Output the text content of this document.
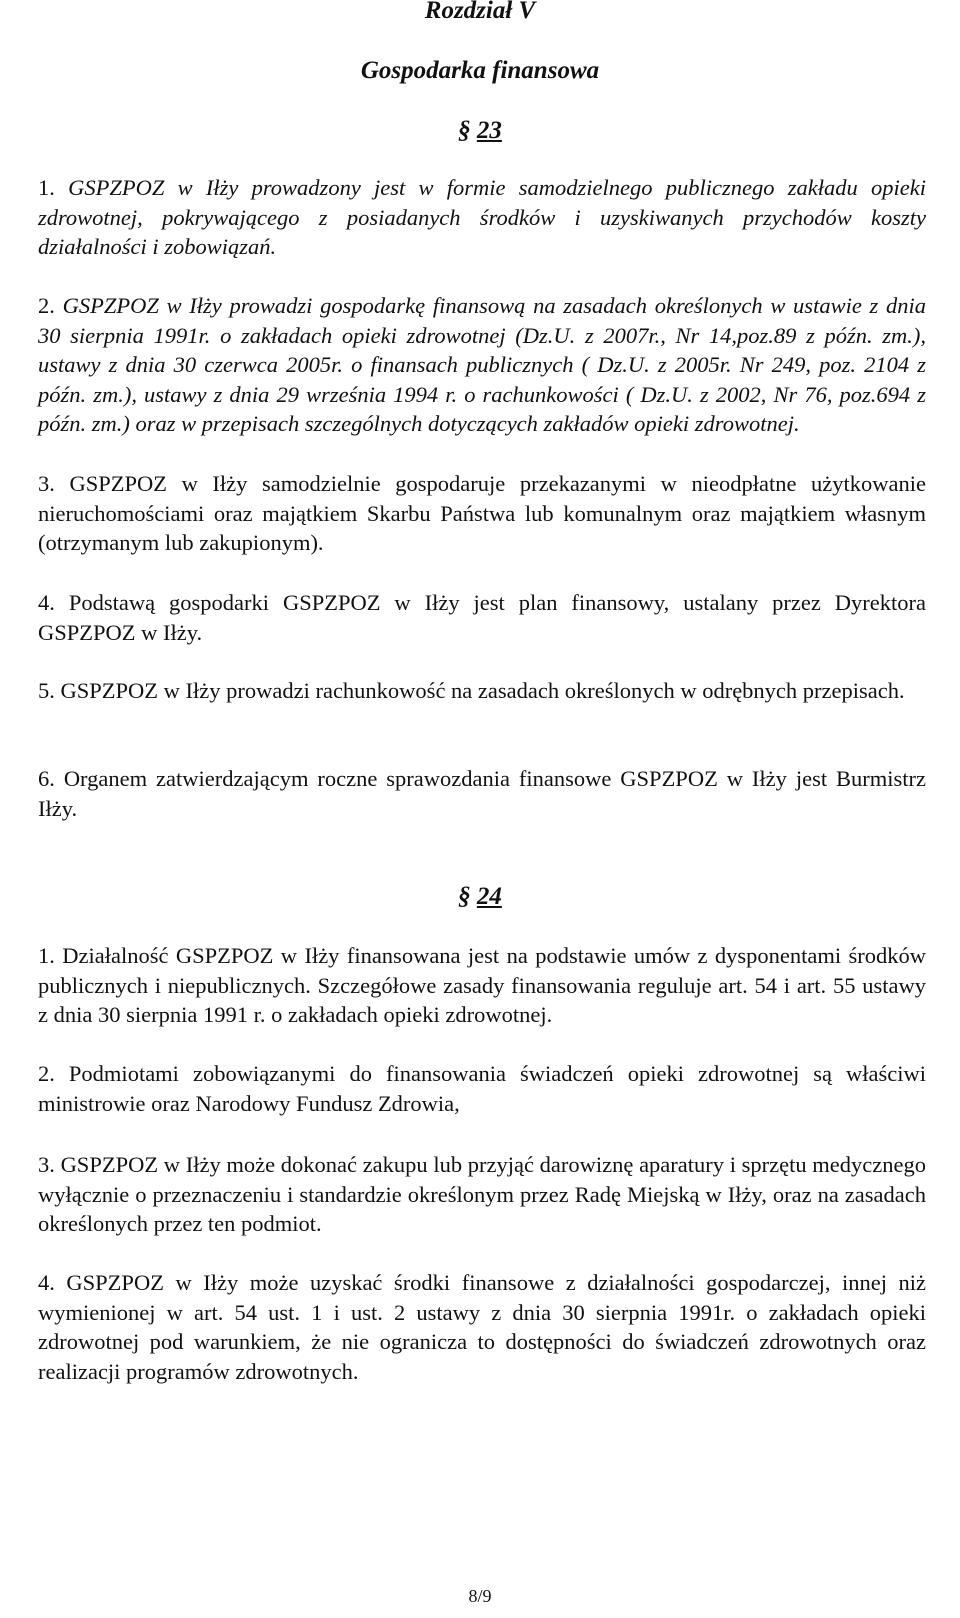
Rozdział V
Gospodarka finansowa
§ 23
1. GSPZPOZ w Iłży prowadzony jest w formie samodzielnego publicznego zakładu opieki zdrowotnej, pokrywającego z posiadanych środków i uzyskiwanych przychodów koszty działalności i zobowiązań.
2. GSPZPOZ w Iłży prowadzi gospodarkę finansową na zasadach określonych w ustawie z dnia 30 sierpnia 1991r. o zakładach opieki zdrowotnej (Dz.U. z 2007r., Nr 14,poz.89 z późn. zm.), ustawy z dnia 30 czerwca 2005r. o finansach publicznych ( Dz.U. z 2005r. Nr 249, poz. 2104 z późn. zm.), ustawy z dnia 29 września 1994 r. o rachunkowości ( Dz.U. z 2002, Nr 76, poz.694 z późn. zm.) oraz w przepisach szczególnych dotyczących zakładów opieki zdrowotnej.
3. GSPZPOZ w Iłży samodzielnie gospodaruje przekazanymi w nieodpłatne użytkowanie nieruchomościami oraz majątkiem Skarbu Państwa lub komunalnym oraz majątkiem własnym (otrzymanym lub zakupionym).
4. Podstawą gospodarki GSPZPOZ w Iłży jest plan finansowy, ustalany przez Dyrektora GSPZPOZ w Iłży.
5. GSPZPOZ w Iłży prowadzi rachunkowość na zasadach określonych w odrębnych przepisach.
6. Organem zatwierdzającym roczne sprawozdania finansowe GSPZPOZ w Iłży jest Burmistrz Iłży.
§ 24
1. Działalność GSPZPOZ w Iłży finansowana jest na podstawie umów z dysponentami środków publicznych i niepublicznych. Szczegółowe zasady finansowania reguluje art. 54 i art. 55 ustawy z dnia 30 sierpnia 1991 r. o zakładach opieki zdrowotnej.
2. Podmiotami zobowiązanymi do finansowania świadczeń opieki zdrowotnej są właściwi ministrowie oraz Narodowy Fundusz Zdrowia,
3. GSPZPOZ w Iłży może dokonać zakupu lub przyjąć darowiznę aparatury i sprzętu medycznego wyłącznie o przeznaczeniu i standardzie określonym przez Radę Miejską w Iłży, oraz na zasadach określonych przez ten podmiot.
4. GSPZPOZ w Iłży może uzyskać środki finansowe z działalności gospodarczej, innej niż wymienionej w art. 54 ust. 1 i ust. 2 ustawy z dnia 30 sierpnia 1991r. o zakładach opieki zdrowotnej pod warunkiem, że nie ogranicza to dostępności do świadczeń zdrowotnych oraz realizacji programów zdrowotnych.
8/9
